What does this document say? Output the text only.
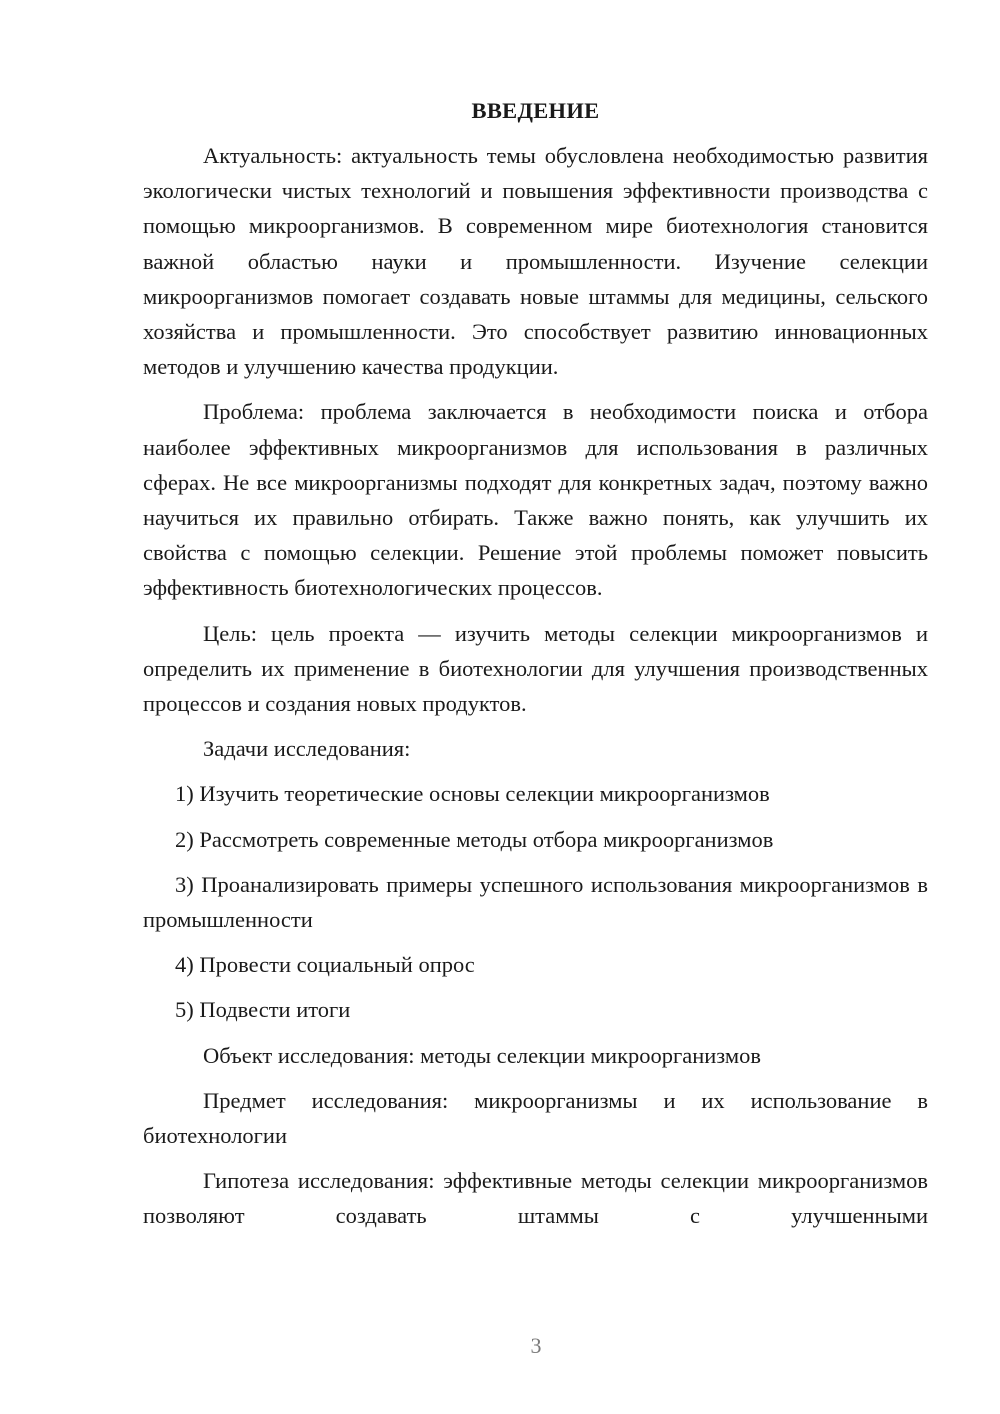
ВВЕДЕНИЕ

Актуальность: актуальность темы обусловлена необходимостью развития экологически чистых технологий и повышения эффективности производства с помощью микроорганизмов. В современном мире биотехнология становится важной областью науки и промышленности. Изучение селекции микроорганизмов помогает создавать новые штаммы для медицины, сельского хозяйства и промышленности. Это способствует развитию инновационных методов и улучшению качества продукции.

Проблема: проблема заключается в необходимости поиска и отбора наиболее эффективных микроорганизмов для использования в различных сферах. Не все микроорганизмы подходят для конкретных задач, поэтому важно научиться их правильно отбирать. Также важно понять, как улучшить их свойства с помощью селекции. Решение этой проблемы поможет повысить эффективность биотехнологических процессов.

Цель: цель проекта — изучить методы селекции микроорганизмов и определить их применение в биотехнологии для улучшения производственных процессов и создания новых продуктов.

Задачи исследования:

1) Изучить теоретические основы селекции микроорганизмов

2) Рассмотреть современные методы отбора микроорганизмов

3) Проанализировать примеры успешного использования микроорганизмов в промышленности

4) Провести социальный опрос

5) Подвести итоги

Объект исследования: методы селекции микроорганизмов

Предмет исследования: микроорганизмы и их использование в биотехнологии

Гипотеза исследования: эффективные методы селекции микроорганизмов позволяют создавать штаммы с улучшенными

3
